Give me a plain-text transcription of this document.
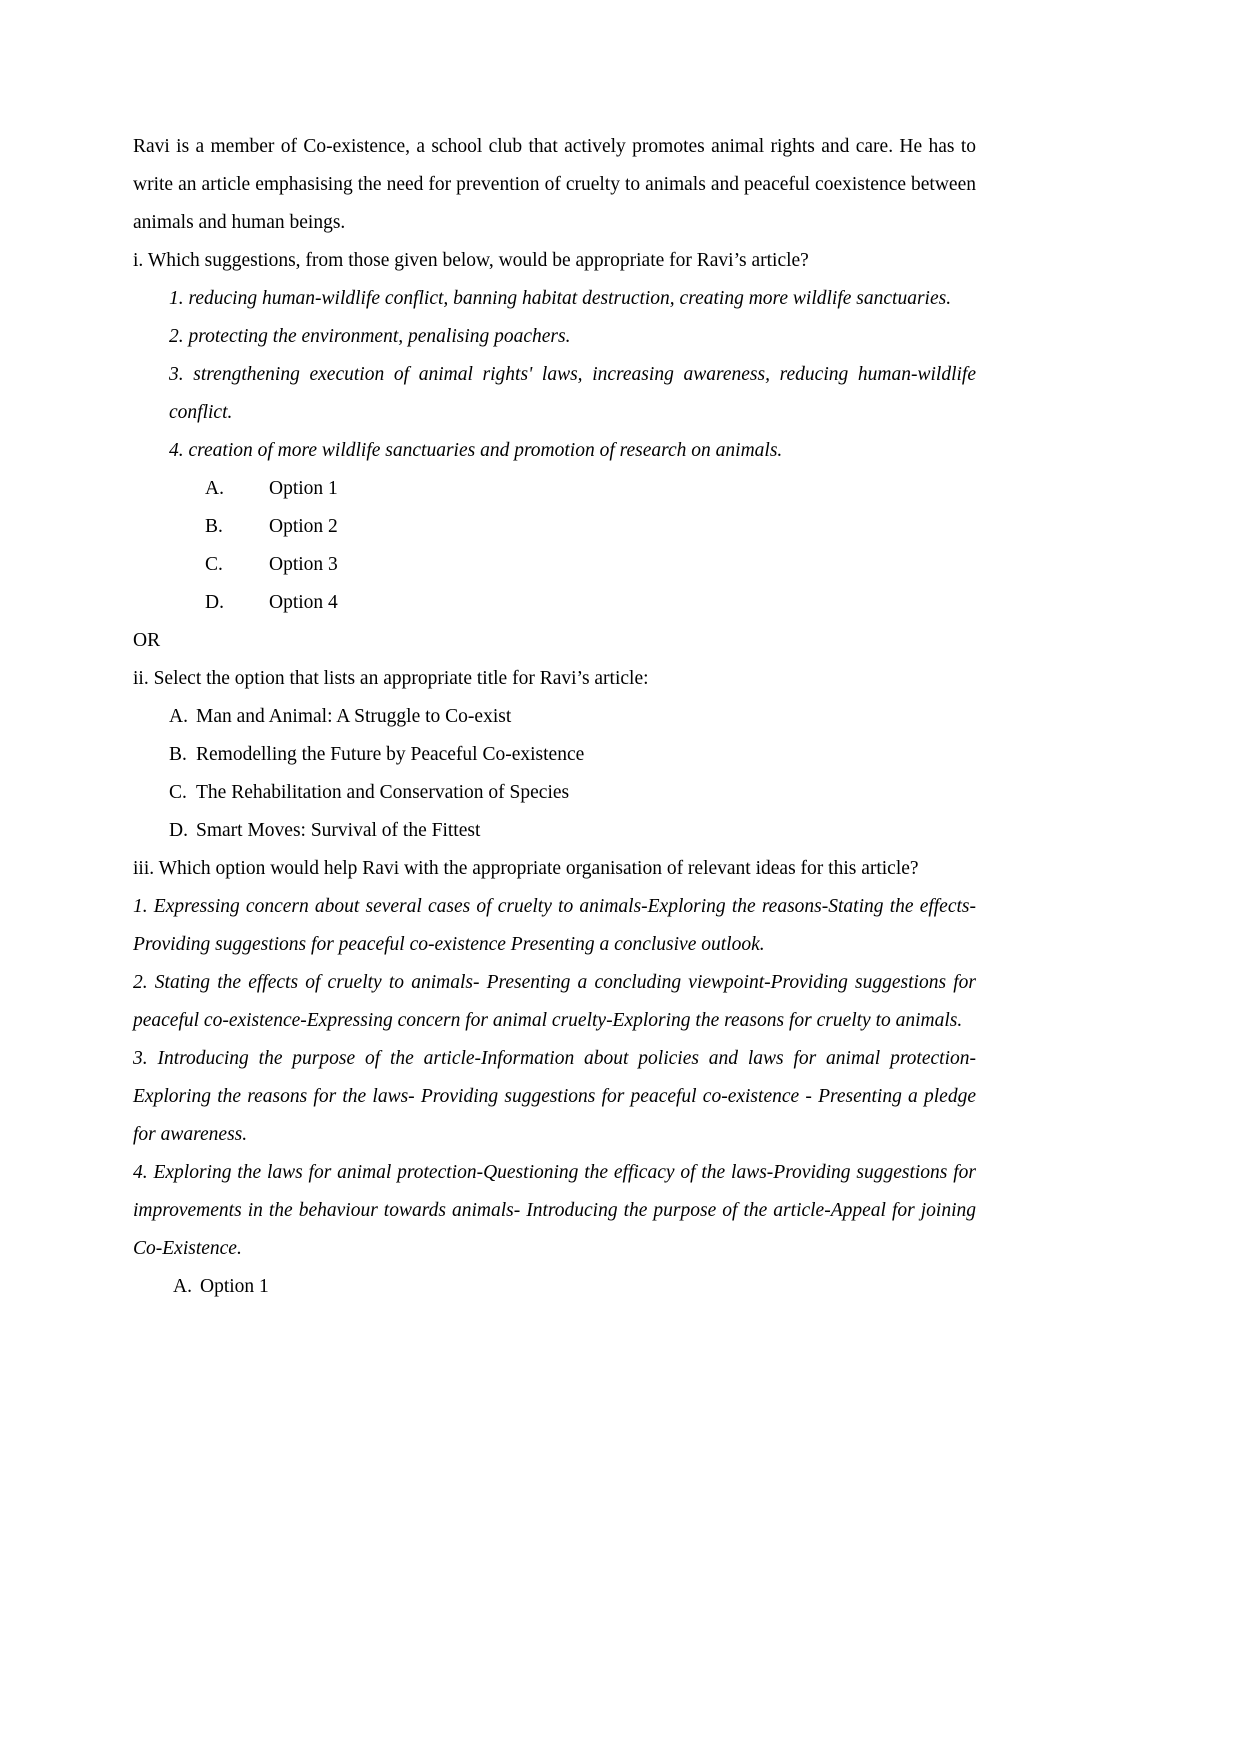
Ravi is a member of Co-existence, a school club that actively promotes animal rights and care. He has to write an article emphasising the need for prevention of cruelty to animals and peaceful coexistence between animals and human beings.

i. Which suggestions, from those given below, would be appropriate for Ravi’s article?

1. reducing human-wildlife conflict, banning habitat destruction, creating more wildlife sanctuaries.

2. protecting the environment, penalising poachers.

3. strengthening execution of animal rights' laws, increasing awareness, reducing human-wildlife conflict.

4. creation of more wildlife sanctuaries and promotion of research on animals.

A. Option 1
B. Option 2
C. Option 3
D. Option 4

OR

ii. Select the option that lists an appropriate title for Ravi’s article:

A. Man and Animal: A Struggle to Co-exist
B. Remodelling the Future by Peaceful Co-existence
C. The Rehabilitation and Conservation of Species
D. Smart Moves: Survival of the Fittest

iii. Which option would help Ravi with the appropriate organisation of relevant ideas for this article?

1. Expressing concern about several cases of cruelty to animals-Exploring the reasons-Stating the effects-Providing suggestions for peaceful co-existence Presenting a conclusive outlook.

2. Stating the effects of cruelty to animals- Presenting a concluding viewpoint-Providing suggestions for peaceful co-existence-Expressing concern for animal cruelty-Exploring the reasons for cruelty to animals.

3. Introducing the purpose of the article-Information about policies and laws for animal protection-Exploring the reasons for the laws- Providing suggestions for peaceful co-existence - Presenting a pledge for awareness.

4. Exploring the laws for animal protection-Questioning the efficacy of the laws-Providing suggestions for improvements in the behaviour towards animals- Introducing the purpose of the article-Appeal for joining Co-Existence.

A. Option 1
